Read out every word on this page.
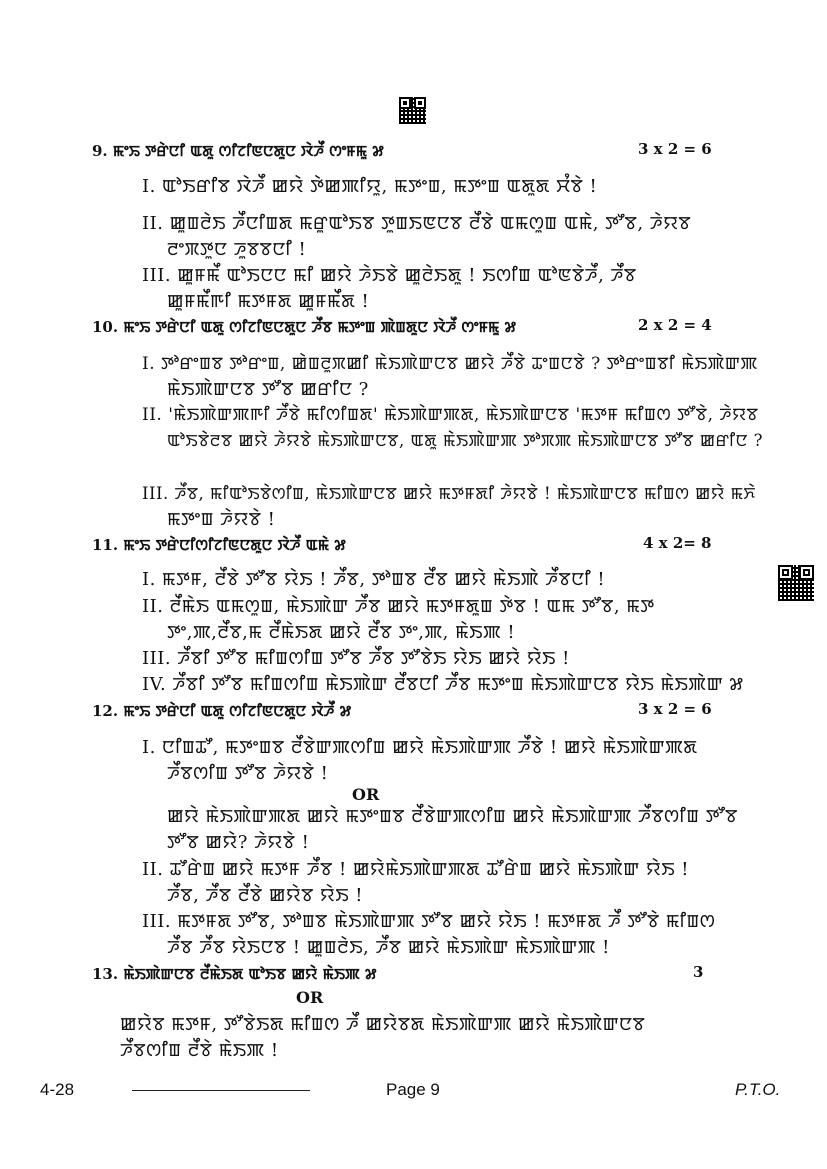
9. ꯃꯦꯢ ꯇꯔꯥꯅꯤ ꯑꯗꯨ ꯁꯤꯖꯤꯟꯅꯗꯨꯅ ꯋꯥꯍꯩ ꯁꯦꯝꯃꯨ ꯷	3 x 2 = 6
I. ꯑꯣꯏꯔꯤꯕ ꯋꯥꯍꯩ ꯀꯌꯥ ꯇꯥꯀꯄꯤꯌꯨ, ꯃꯇꯦꯡ, ꯃꯇꯦꯡ ꯑꯗꯨꯗ ꯆꯪꯕꯥ !
II. ꯀꯨꯡꯂꯥꯏ ꯍꯩꯅꯤꯡꯗ ꯃꯔꯨꯑꯣꯏꯕ ꯇꯨꯡꯏꯟꯅꯕ ꯂꯩꯕꯥ ꯑꯃꯁꯨꯡ ꯑꯃꯥ, ꯇꯧꯕ, ꯍꯥꯌꯕ
ꯂꯦꯞꯇꯨꯅ ꯍꯨꯕꯕꯅꯤ !
III. ꯀꯨꯝꯃꯩ ꯑꯣꯏꯅꯅ ꯃꯤ ꯀꯌꯥ ꯍꯥꯏꯕꯥ ꯀꯨꯂꯥꯏꯗꯨ ! ꯏꯁꯤꯡ ꯑꯣꯟꯕꯥꯍꯩ, ꯍꯩꯕ
ꯀꯨꯝꯃꯩꯒꯤ ꯃꯇꯝꯗ ꯀꯨꯝꯃꯩꯗ !
10. ꯃꯦꯢ ꯇꯔꯥꯅꯤ ꯑꯗꯨ ꯁꯤꯖꯤꯟꯅꯗꯨꯅ ꯍꯩꯕ ꯃꯇꯦꯡ ꯄꯥꯡꯗꯨꯅ ꯋꯥꯍꯩ ꯁꯦꯝꯃꯨ ꯷	2 x 2 = 4
I. ꯇꯣꯔꯦꯡꯕ ꯇꯣꯔꯦꯡ, ꯀꯥꯡꯂꯨꯞꯀꯤ ꯃꯥꯏꯄꯥꯛꯅꯕ ꯀꯌꯥ ꯍꯩꯕꯥ ꯊꯦꯡꯅꯕꯥ ? ꯇꯣꯔꯦꯡꯕꯤ ꯃꯥꯏꯄꯥꯛꯄ
ꯃꯥꯏꯄꯥꯛꯅꯕ ꯇꯧꯕ ꯀꯔꯤꯅ ?
II. 'ꯃꯥꯏꯄꯥꯛꯄꯒꯤ ꯍꯩꯕꯥ ꯃꯤꯁꯤꯡꯗ' ꯃꯥꯏꯄꯥꯛꯄꯗ, ꯃꯥꯏꯄꯥꯛꯅꯕ 'ꯃꯇꯝ ꯃꯤꯡꯁ ꯇꯧꯕꯥ, ꯍꯥꯌꯕ
ꯑꯣꯏꯕꯥꯂꯕ ꯀꯌꯥ ꯍꯥꯌꯕꯥ ꯃꯥꯏꯄꯥꯛꯅꯕ, ꯑꯗꯨ ꯃꯥꯏꯄꯥꯛꯄ ꯇꯣꯞꯄ ꯃꯥꯏꯄꯥꯛꯅꯕ ꯇꯧꯕ ꯀꯔꯤꯅ ?
III. ꯍꯩꯕ, ꯃꯤꯑꯣꯏꯕꯥꯁꯤꯡ, ꯃꯥꯏꯄꯥꯛꯅꯕ ꯀꯌꯥ ꯃꯇꯝꯗꯤ ꯍꯥꯌꯕꯥ ! ꯃꯥꯏꯄꯥꯛꯅꯕ ꯃꯤꯡꯁ ꯀꯌꯥ ꯃꯈꯥ
ꯃꯇꯦꯡ ꯍꯥꯌꯕꯥ !
11. ꯃꯦꯢ ꯇꯔꯥꯅꯤꯁꯤꯖꯤꯟꯅꯗꯨꯅ ꯋꯥꯍꯩ ꯑꯃꯥ ꯷	4 x 2= 8
I. ꯃꯇꯝ, ꯂꯩꯕꯥ ꯇꯧꯕ ꯌꯥꯏ ! ꯍꯩꯕ, ꯇꯣꯡꯕ ꯂꯩꯕ ꯀꯌꯥ ꯃꯥꯏꯄꯥ ꯍꯩꯕꯅꯤ !
II. ꯂꯩꯃꯥꯏ ꯑꯃꯁꯨꯡ, ꯃꯥꯏꯄꯥꯛ ꯍꯩꯕ ꯀꯌꯥ ꯃꯇꯝꯗꯨꯡ ꯇꯥꯕ ! ꯑꯃ ꯇꯧꯕ, ꯃꯇ
ꯇꯦ,ꯄ,ꯂꯩꯕ,ꯃ ꯂꯩꯃꯥꯏꯗ ꯀꯌꯥ ꯂꯩꯕ ꯇꯦ,ꯄ, ꯃꯥꯏꯄ !
III. ꯍꯩꯕꯤ ꯇꯧꯕ ꯃꯤꯡꯁꯤꯡ ꯇꯧꯕ ꯍꯩꯕ ꯇꯧꯕꯥꯏ ꯌꯥꯏ ꯀꯌꯥ ꯌꯥꯏ !
IV. ꯍꯩꯕꯤ ꯇꯧꯕ ꯃꯤꯡꯁꯤꯡ ꯃꯥꯏꯄꯥꯛ ꯂꯩꯕꯅꯤ ꯍꯩꯕ ꯃꯇꯦꯡ ꯃꯥꯏꯄꯥꯛꯅꯕ ꯌꯥꯏ ꯃꯥꯏꯄꯥꯛ ꯷
12. ꯃꯦꯢ ꯇꯔꯥꯅꯤ ꯑꯗꯨ ꯁꯤꯖꯤꯟꯅꯗꯨꯅ ꯋꯥꯍꯩ ꯷	3 x 2 = 6
I. ꯅꯤꯡꯊꯧ, ꯃꯇꯦꯡꯕ ꯂꯩꯕꯥꯛꯄꯁꯤꯡ ꯀꯌꯥ ꯃꯥꯏꯄꯥꯛꯄ ꯍꯩꯕꯥ ! ꯀꯌꯥ ꯃꯥꯏꯄꯥꯛꯄꯗ
ꯍꯩꯕꯁꯤꯡ ꯇꯧꯕ ꯍꯥꯌꯕꯥ !
OR
ꯀꯌꯥ ꯃꯥꯏꯄꯥꯛꯄꯗ ꯀꯌꯥ ꯃꯇꯦꯡꯕ ꯂꯩꯕꯥꯛꯄꯁꯤꯡ ꯀꯌꯥ ꯃꯥꯏꯄꯥꯛꯄ ꯍꯩꯕꯁꯤꯡ ꯇꯧꯕ
ꯇꯧꯕ ꯀꯌꯥ? ꯍꯥꯌꯕꯥ !
II. ꯊꯧꯔꯥꯡ ꯀꯌꯥ ꯃꯇꯝ ꯍꯩꯕ ! ꯀꯌꯥꯃꯥꯏꯄꯥꯛꯄꯗ ꯊꯧꯔꯥꯡ ꯀꯌꯥ ꯃꯥꯏꯄꯥꯛ ꯌꯥꯏ !
ꯍꯩꯕ, ꯍꯩꯕ ꯂꯩꯕꯥ ꯀꯌꯥꯕ ꯌꯥꯏ !
III. ꯃꯇꯝꯗ ꯇꯧꯕ, ꯇꯣꯡꯕ ꯃꯥꯏꯄꯥꯛꯄ ꯇꯧꯕ ꯀꯌꯥ ꯌꯥꯏ ! ꯃꯇꯝꯗ ꯍꯩ ꯇꯧꯕꯥ ꯃꯤꯡꯁ
ꯍꯩꯕ ꯍꯩꯕ ꯌꯥꯏꯅꯕ ! ꯀꯨꯡꯂꯥꯏ, ꯍꯩꯕ ꯀꯌꯥ ꯃꯥꯏꯄꯥꯛ ꯃꯥꯏꯄꯥꯛꯄ !
13. ꯃꯥꯏꯄꯥꯛꯅꯕ ꯂꯩꯃꯥꯏꯗ ꯑꯣꯏꯕ ꯀꯌꯥ ꯃꯥꯏꯄ ꯷	3
OR
ꯀꯌꯥꯕ ꯃꯇꯝ, ꯇꯧꯕꯥꯏꯗ ꯃꯤꯡꯁ ꯍꯩ ꯀꯌꯥꯕꯗ ꯃꯥꯏꯄꯥꯛꯄ ꯀꯌꯥ ꯃꯥꯏꯄꯥꯛꯅꯕ
ꯍꯩꯕꯁꯤꯡ ꯂꯩꯕꯥ ꯃꯥꯏꯄ !
4-28	Page 9	P.T.O.
